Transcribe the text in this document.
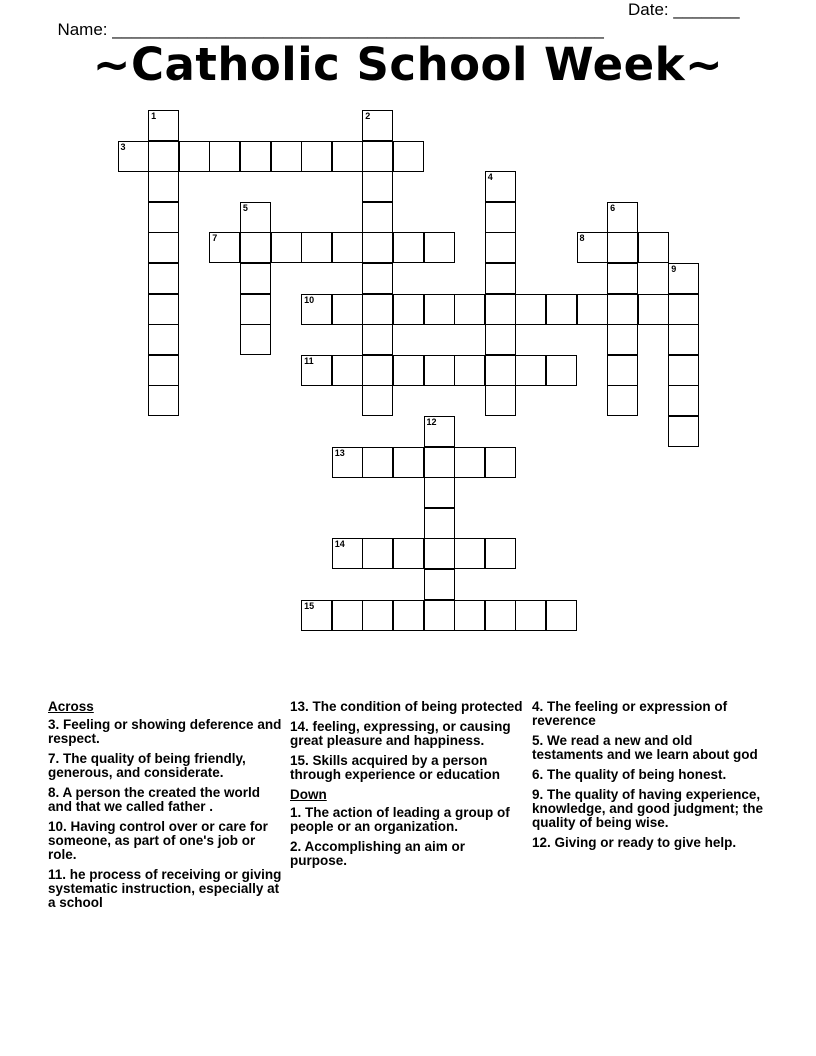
Name: ____________________________________________________

Date: _______

~Catholic School Week~
1	2
3
4
5	6
7	8
9
10
11
12
13
14
15
Across
3. Feeling or showing deference and respect.
7. The quality of being friendly, generous, and considerate.
8. A person the created the world and that we called father .
10. Having control over or care for someone, as part of one's job or role.
11. he process of receiving or giving systematic instruction, especially at a school
13. The condition of being protected
14. feeling, expressing, or causing great pleasure and happiness.
15. Skills acquired by a person through experience or education
Down
1. The action of leading a group of people or an organization.
2. Accomplishing an aim or purpose.
4. The feeling or expression of reverence
5. We read a new and old testaments and we learn about god
6. The quality of being honest.
9. The quality of having experience, knowledge, and good judgment; the quality of being wise.
12. Giving or ready to give help.
